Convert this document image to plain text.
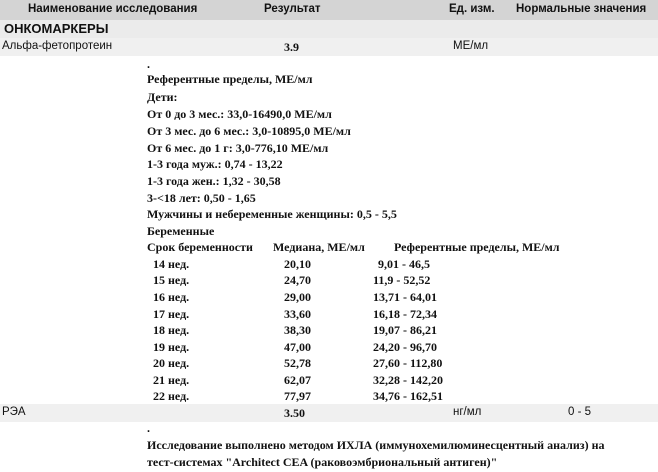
Наименование исследования	Результат	Ед. изм. Нормальные значения
ОНКОМАРКЕРЫ
Альфа-фетопротеин	3.9	МЕ/мл
.
Референтные пределы, МЕ/мл
Дети:
От 0 до 3 мес.: 33,0-16490,0 МЕ/мл
От 3 мес. до 6 мес.: 3,0-10895,0 МЕ/мл
От 6 мес. до 1 г: 3,0-776,10 МЕ/мл
1-3 года муж.: 0,74 - 13,22
1-3 года жен.: 1,32 - 30,58
3-<18 лет: 0,50 - 1,65
Мужчины и небеременные женщины: 0,5 - 5,5
Беременные
Срок беременности Медиана, МЕ/мл Референтные пределы, МЕ/мл
14 нед.	20,10	9,01 - 46,5
15 нед.	24,70	11,9 - 52,52
16 нед.	29,00	13,71 - 64,01
17 нед.	33,60	16,18 - 72,34
18 нед.	38,30	19,07 - 86,21
19 нед.	47,00	24,20 - 96,70
20 нед.	52,78	27,60 - 112,80
21 нед.	62,07	32,28 - 142,20
22 нед.	77,97	34,76 - 162,51
РЭА	3.50	нг/мл	0 - 5
.
Исследование выполнено методом ИХЛА (иммунохемилюминесцентный анализ) на
тест-системах "Architect CEA (раковоэмбриональный антиген)"
